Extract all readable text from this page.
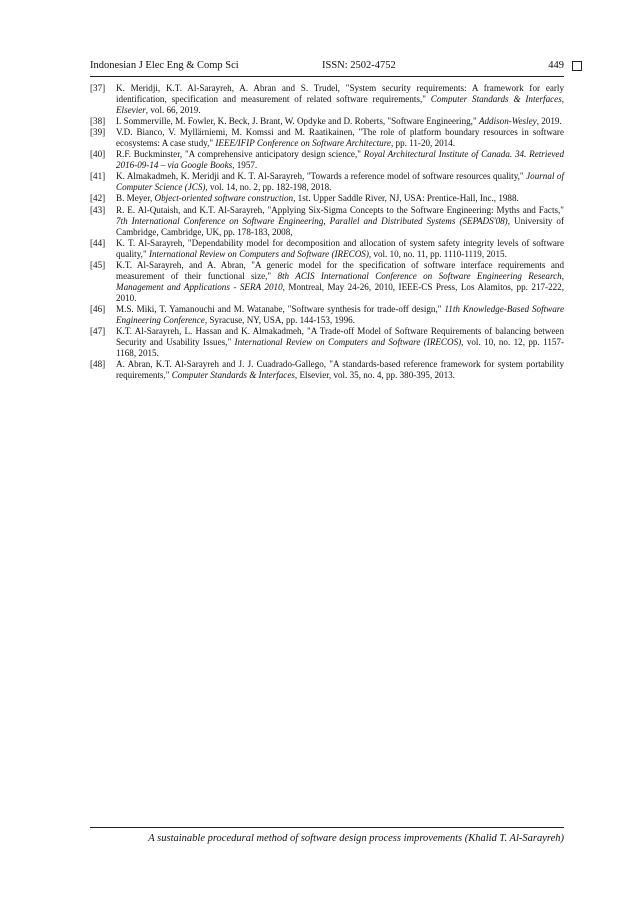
Indonesian J Elec Eng & Comp Sci	ISSN: 2502-4752	449
[37]	K. Meridji, K.T. Al-Sarayreh, A. Abran and S. Trudel, "System security requirements: A framework for early identification, specification and measurement of related software requirements," Computer Standards & Interfaces, Elsevier, vol. 66, 2019.
[38]	I. Sommerville, M. Fowler, K. Beck, J. Brant, W. Opdyke and D. Roberts, "Software Engineering," Addison-Wesley, 2019.
[39]	V.D. Bianco, V. Myllärniemi, M. Komssi and M. Raatikainen, "The role of platform boundary resources in software ecosystems: A case study," IEEE/IFIP Conference on Software Architecture, pp. 11-20, 2014.
[40]	R.F. Buckminster, "A comprehensive anticipatory design science," Royal Architectural Institute of Canada. 34. Retrieved 2016-09-14 – via Google Books, 1957.
[41]	K. Almakadmeh, K. Meridji and K. T. Al-Sarayreh, "Towards a reference model of software resources quality," Journal of Computer Science (JCS), vol. 14, no. 2, pp. 182-198, 2018.
[42]	B. Meyer, Object-oriented software construction, 1st. Upper Saddle River, NJ, USA: Prentice-Hall, Inc., 1988.
[43]	R. E. Al-Qutaish, and K.T. Al-Sarayreh, "Applying Six-Sigma Concepts to the Software Engineering: Myths and Facts," 7th International Conference on Software Engineering, Parallel and Distributed Systems (SEPADS'08), University of Cambridge, Cambridge, UK, pp. 178-183, 2008,
[44]	K. T. Al-Sarayreh, "Dependability model for decomposition and allocation of system safety integrity levels of software quality," International Review on Computers and Software (IRECOS), vol. 10, no. 11, pp. 1110-1119, 2015.
[45]	K.T. Al-Sarayreh, and A. Abran, "A generic model for the specification of software interface requirements and measurement of their functional size," 8th ACIS International Conference on Software Engineering Research, Management and Applications - SERA 2010, Montreal, May 24-26, 2010, IEEE-CS Press, Los Alamitos, pp. 217-222, 2010.
[46]	M.S. Miki, T. Yamanouchi and M. Watanabe, "Software synthesis for trade-off design," 11th Knowledge-Based Software Engineering Conference, Syracuse, NY, USA, pp. 144-153, 1996.
[47]	K.T. Al-Sarayreh, L. Hassan and K. Almakadmeh, "A Trade-off Model of Software Requirements of balancing between Security and Usability Issues," International Review on Computers and Software (IRECOS), vol. 10, no. 12, pp. 1157-1168, 2015.
[48]	A. Abran, K.T. Al-Sarayreh and J. J. Cuadrado-Gallego, "A standards-based reference framework for system portability requirements," Computer Standards & Interfaces, Elsevier, vol. 35, no. 4, pp. 380-395, 2013.
A sustainable procedural method of software design process improvements (Khalid T. Al-Sarayreh)
